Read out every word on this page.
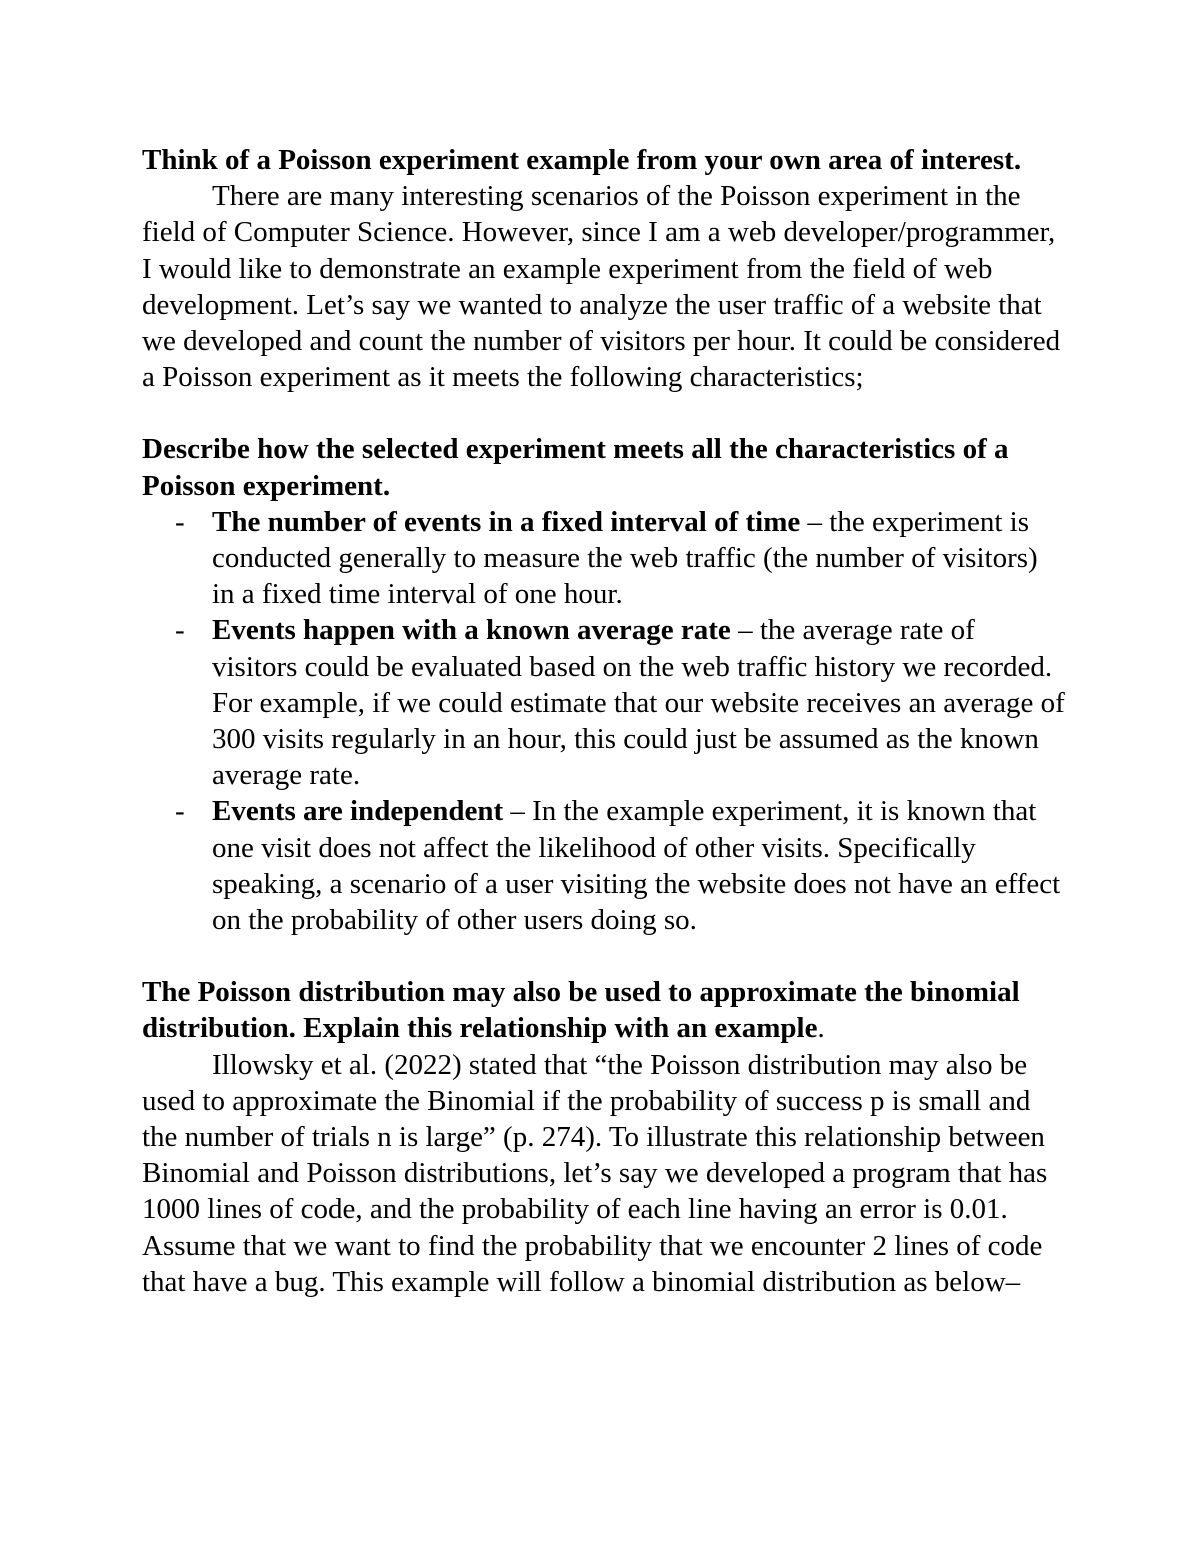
Think of a Poisson experiment example from your own area of interest.

There are many interesting scenarios of the Poisson experiment in the field of Computer Science. However, since I am a web developer/programmer, I would like to demonstrate an example experiment from the field of web development. Let’s say we wanted to analyze the user traffic of a website that we developed and count the number of visitors per hour. It could be considered a Poisson experiment as it meets the following characteristics;

Describe how the selected experiment meets all the characteristics of a Poisson experiment.

- The number of events in a fixed interval of time – the experiment is conducted generally to measure the web traffic (the number of visitors) in a fixed time interval of one hour.
- Events happen with a known average rate – the average rate of visitors could be evaluated based on the web traffic history we recorded. For example, if we could estimate that our website receives an average of 300 visits regularly in an hour, this could just be assumed as the known average rate.
- Events are independent – In the example experiment, it is known that one visit does not affect the likelihood of other visits. Specifically speaking, a scenario of a user visiting the website does not have an effect on the probability of other users doing so.

The Poisson distribution may also be used to approximate the binomial distribution. Explain this relationship with an example.

Illowsky et al. (2022) stated that “the Poisson distribution may also be used to approximate the Binomial if the probability of success p is small and the number of trials n is large” (p. 274). To illustrate this relationship between Binomial and Poisson distributions, let’s say we developed a program that has 1000 lines of code, and the probability of each line having an error is 0.01. Assume that we want to find the probability that we encounter 2 lines of code that have a bug. This example will follow a binomial distribution as below–
